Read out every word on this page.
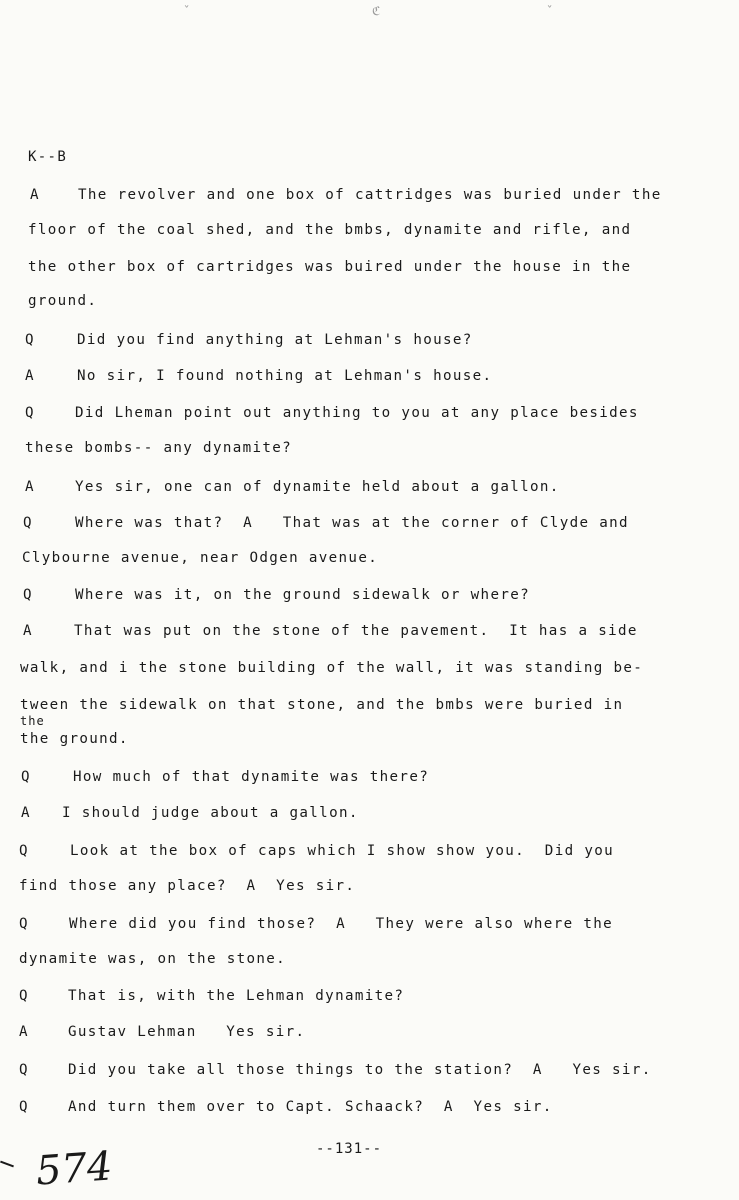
ˇ	ℭ	ˇ
K--B
A	The revolver and one box of cattridges was buried under the
floor of the coal shed, and the bmbs, dynamite and rifle, and
the other box of cartridges was buired under the house in the
ground.
Q	Did you find anything at Lehman's house?
A	No sir, I found nothing at Lehman's house.
Q	Did Lheman point out anything to you at any place besides
these bombs-- any dynamite?
A	Yes sir, one can of dynamite held about a gallon.
Q	Where was that?  A   That was at the corner of Clyde and
Clybourne avenue, near Odgen avenue.
Q	Where was it, on the ground sidewalk or where?
A	That was put on the stone of the pavement.  It has a side
walk, and i the stone building of the wall, it was standing be-
tween the sidewalk on that stone, and the bmbs were buried in
the
the ground.
Q	How much of that dynamite was there?
A I should judge about a gallon.
Q	Look at the box of caps which I show show you.  Did you
find those any place?  A  Yes sir.
Q	Where did you find those?  A   They were also where the
dynamite was, on the stone.
Q	That is, with the Lehman dynamite?
A	Gustav Lehman   Yes sir.
Q	Did you take all those things to the station?  A   Yes sir.
Q	And turn them over to Capt. Schaack?  A  Yes sir.
--131--
574
